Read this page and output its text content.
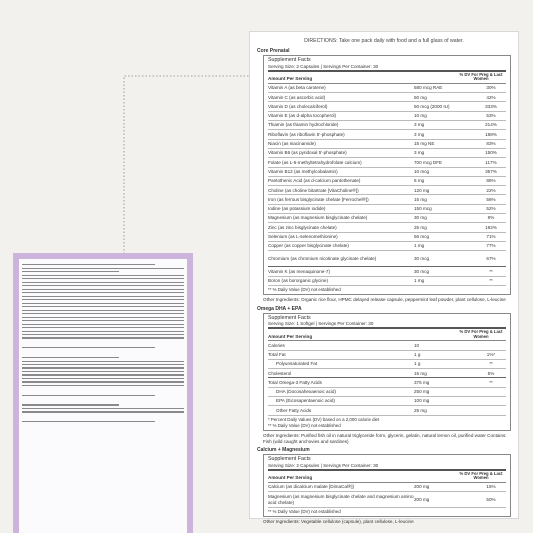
DIRECTIONS: Take one pack daily with food and a full glass of water.
Core Prenatal
Supplement Facts
Serving Size: 2 Capsules | Servings Per Container: 30
Amount Per Serving
% DV For Preg & Lact Women
Vitamin A (as beta carotene)	580 mcg RAE	30%
Vitamin C (as ascorbic acid)	50 mg	42%
Vitamin D (as cholecalciferol)	50 mcg (2000 IU)	333%
Vitamin E (as d-alpha tocopherol)	10 mg	53%
Thiamin (as thiamin hydrochloride)	3 mg	214%
Riboflavin (as riboflavin 5'-phosphate)	3 mg	188%
Niacin (as niacinamide)	15 mg NE	83%
Vitamin B6 (as pyridoxal 5'-phosphate)	3 mg	150%
Folate (as L-5-methyltetrahydrofolate calcium)	700 mcg DFE	117%
Vitamin B12 (as methylcobalamin)	10 mcg	357%
Pantothenic Acid (as d-calcium pantothenate)	6 mg	86%
Choline (as choline bitartrate [VitaCholine®])	120 mg	22%
Iron (as ferrous bisglycinate chelate [Ferrochel®])	15 mg	56%
Iodine (as potassium iodide)	150 mcg	52%
Magnesium (as magnesium bisglycinate chelate)	30 mg	8%
Zinc (as zinc bisglycinate chelate)	25 mg	192%
Selenium (as L-selenomethionine)	56 mcg	71%
Copper (as copper bisglycinate chelate)	1 mg	77%
Chromium (as chromium nicotinate glycinate chelate)	30 mcg	67%
Vitamin K (as menaquinone-7)	30 mcg	**
Boron (as bororganic glycine)	1 mg	**
** % Daily Value (DV) not established
Other Ingredients: Organic rice flour, HPMC delayed release capsule, peppermint leaf powder, plant cellulose, L-leucine
Omega DHA + EPA
Supplement Facts
Serving Size: 1 Softgel | Servings Per Container: 30
Amount Per Serving
% DV For Preg & Lact Women
Calories	10
Total Fat	1 g	1%*
Polyunsaturated Fat	1 g	**
Cholesterol	15 mg	5%
Total Omega-3 Fatty Acids	375 mg	**
DHA (Docosahexaenoic acid)	250 mg
EPA (Eicosapentaenoic acid)	100 mg
Other Fatty Acids	25 mg
* Percent Daily Values (DV) based on a 2,000 calorie diet
** % Daily Value (DV) not established
Other Ingredients: Purified fish oil in natural triglyceride form, glycerin, gelatin, natural lemon oil, purified water Contains: Fish (wild caught anchovies and sardines)
Calcium + Magnesium
Supplement Facts
Serving Size: 2 Capsules | Servings Per Container: 30
Amount Per Serving
% DV For Preg & Lact Women
Calcium (as dicalcium malate [DimaCal®])	200 mg	15%
Magnesium (as magnesium bisglycinate chelate and magnesium amino acid chelate)
200 mg	50%
** % Daily Value (DV) not established
Other Ingredients: Vegetable cellulose (capsule), plant cellulose, L-leucine
